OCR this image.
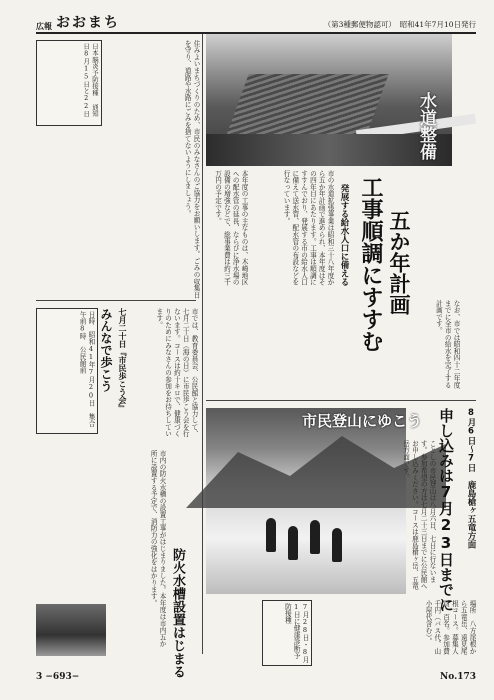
広報 おおまち	（第3種郵便物認可）　昭和41年7月10日発行
日本脳炎予防接種 通知日8月15日と22日
水道整備
五か年計画
工事順調にすすむ
発展する給水人口に備える
市の水道拡張事業は昭和三十八年度から五か年計画で進められ、本年度はその四年目にあたります。工事は順調にすすんでおり、発展する市の給水人口に備えて送水管、配水管の布設などを行なっています。
本年度の工事の主なものは、木崎地区への配水管の延長、ならびに浄水場の設備の増強などで、総事業費は約三千万円の予定です。
なお、市では昭和四十二年度までに全市の給水を完了する計画です。
住みよいまちづくりのため、市民のみなさんのご協力をお願いします。ごみの収集日を守り、道路や水路にごみを捨てないようにしましょう。
日時　昭和41年7月20日　集合　午前8時　公民館前	みんなで歩こう 七月二十日『市民歩こう会』	市では、教育委員会、公民館と協力して、七月二十日（海の日）に市民歩こう会を行ないます。コースは約十キロで、健康づくりのためにみなさんの参加をお待ちしています。
市民登山にゆこう 申し込みは7月23日までに 8月6日～7日　鹿島槍ヶ五竜方面
ことしの市民登山は八月六日、七日に行ないます。参加希望の方は七月二十三日までに公民館へお申し込みください。コースは鹿島槍ヶ岳、五竜岳方面です。
場所　八方尾根から五竜岳、遠見尾根コース。募集人員　百名。参加費　千円（バス代、山小屋代含む）。
防火水槽設置はじまる
市内の防火水槽の設置工事がはじまりました。本年度は市内五か所に設置する予定で、消防力の強化をはかります。
7月28日・8月1日に健康診断予防接種
3 −693−	No.173
